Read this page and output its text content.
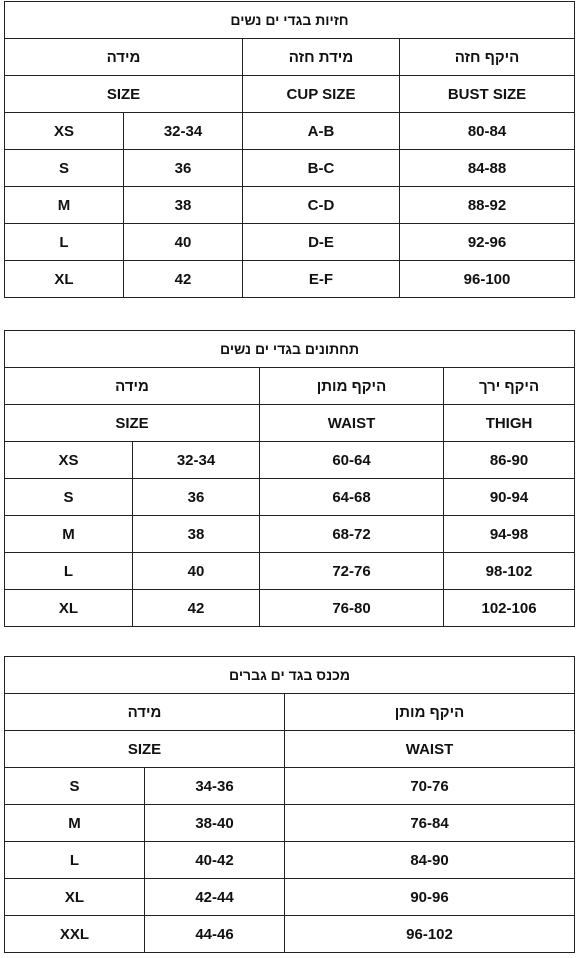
חזיות בגדי ים נשים			
מידה		מידת חזה	היקף חזה
SIZE		CUP SIZE	BUST SIZE
XS	32-34	A-B	80-84
S	36	B-C	84-88
M	38	C-D	88-92
L	40	D-E	92-96
XL	42	E-F	96-100
תחתונים בגדי ים נשים			
מידה		היקף מותן	היקף ירך
SIZE		WAIST	THIGH
XS	32-34	60-64	86-90
S	36	64-68	90-94
M	38	68-72	94-98
L	40	72-76	98-102
XL	42	76-80	102-106
מכנס בגד ים גברים		
מידה		היקף מותן
SIZE		WAIST
S	34-36	70-76
M	38-40	76-84
L	40-42	84-90
XL	42-44	90-96
XXL	44-46	96-102
